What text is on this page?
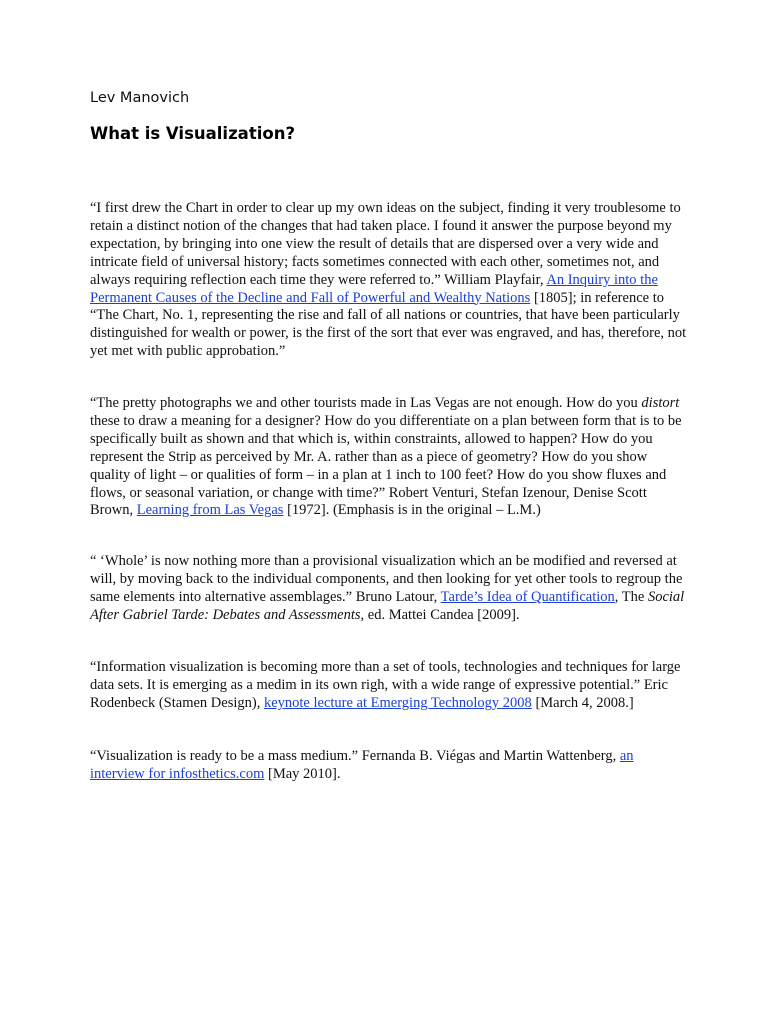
Lev Manovich
What is Visualization?

“I first drew the Chart in order to clear up my own ideas on the subject, finding it very troublesome to retain a distinct notion of the changes that had taken place. I found it answer the purpose beyond my expectation, by bringing into one view the result of details that are dispersed over a very wide and intricate field of universal history; facts sometimes connected with each other, sometimes not, and always requiring reflection each time they were referred to.” William Playfair, An Inquiry into the Permanent Causes of the Decline and Fall of Powerful and Wealthy Nations [1805]; in reference to “The Chart, No. 1, representing the rise and fall of all nations or countries, that have been particularly distinguished for wealth or power, is the first of the sort that ever was engraved, and has, therefore, not yet met with public approbation.”

“The pretty photographs we and other tourists made in Las Vegas are not enough. How do you distort these to draw a meaning for a designer? How do you differentiate on a plan between form that is to be specifically built as shown and that which is, within constraints, allowed to happen? How do you represent the Strip as perceived by Mr. A. rather than as a piece of geometry? How do you show quality of light – or qualities of form – in a plan at 1 inch to 100 feet? How do you show fluxes and flows, or seasonal variation, or change with time?” Robert Venturi, Stefan Izenour, Denise Scott Brown, Learning from Las Vegas [1972]. (Emphasis is in the original – L.M.)

“ ‘Whole’ is now nothing more than a provisional visualization which an be modified and reversed at will, by moving back to the individual components, and then looking for yet other tools to regroup the same elements into alternative assemblages.” Bruno Latour, Tarde’s Idea of Quantification, The Social After Gabriel Tarde: Debates and Assessments, ed. Mattei Candea [2009].

“Information visualization is becoming more than a set of tools, technologies and techniques for large data sets. It is emerging as a medim in its own righ, with a wide range of expressive potential.” Eric Rodenbeck (Stamen Design), keynote lecture at Emerging Technology 2008 [March 4, 2008.]

“Visualization is ready to be a mass medium.” Fernanda B. Viégas and Martin Wattenberg, an interview for infosthetics.com [May 2010].
